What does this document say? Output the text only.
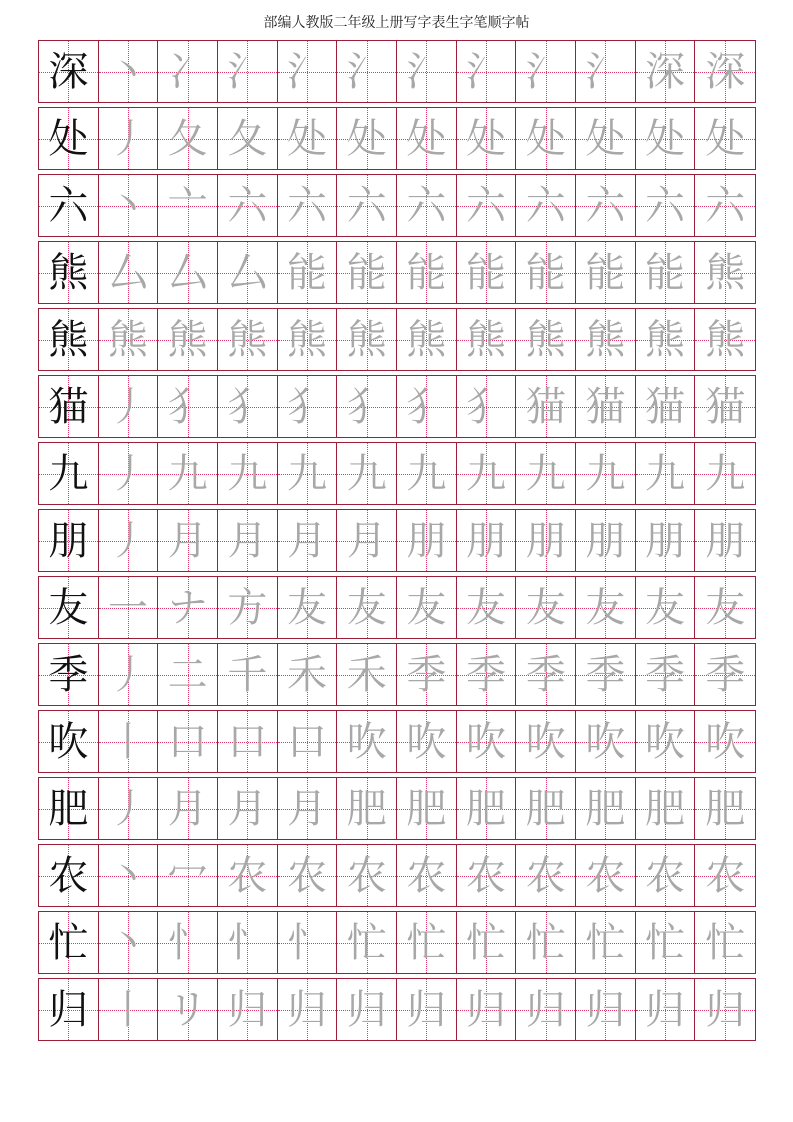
部编人教版二年级上册写字表生字笔顺字帖
深 丶 冫 氵 氵 氵 氵 氵 氵 氵 深 深
处 丿 夂 夂 处 处 处 处 处 处 处 处
六 丶 亠 六 六 六 六 六 六 六 六 六
熊 厶 厶 厶 能 能 能 能 能 能 能 熊
熊 熊 熊 熊 熊 熊 熊 熊 熊 熊 熊 熊
猫 丿 犭 犭 犭 犭 犭 犭 猫 猫 猫 猫
九 丿 九 九 九 九 九 九 九 九 九 九
朋 丿 月 月 月 月 朋 朋 朋 朋 朋 朋
友 一 ナ 方 友 友 友 友 友 友 友 友
季 丿 二 千 禾 禾 季 季 季 季 季 季
吹 丨 口 口 口 吹 吹 吹 吹 吹 吹 吹
肥 丿 月 月 月 肥 肥 肥 肥 肥 肥 肥
农 丶 冖 农 农 农 农 农 农 农 农 农
忙 丶 忄 忄 忄 忙 忙 忙 忙 忙 忙 忙
归 丨 リ 归 归 归 归 归 归 归 归 归
